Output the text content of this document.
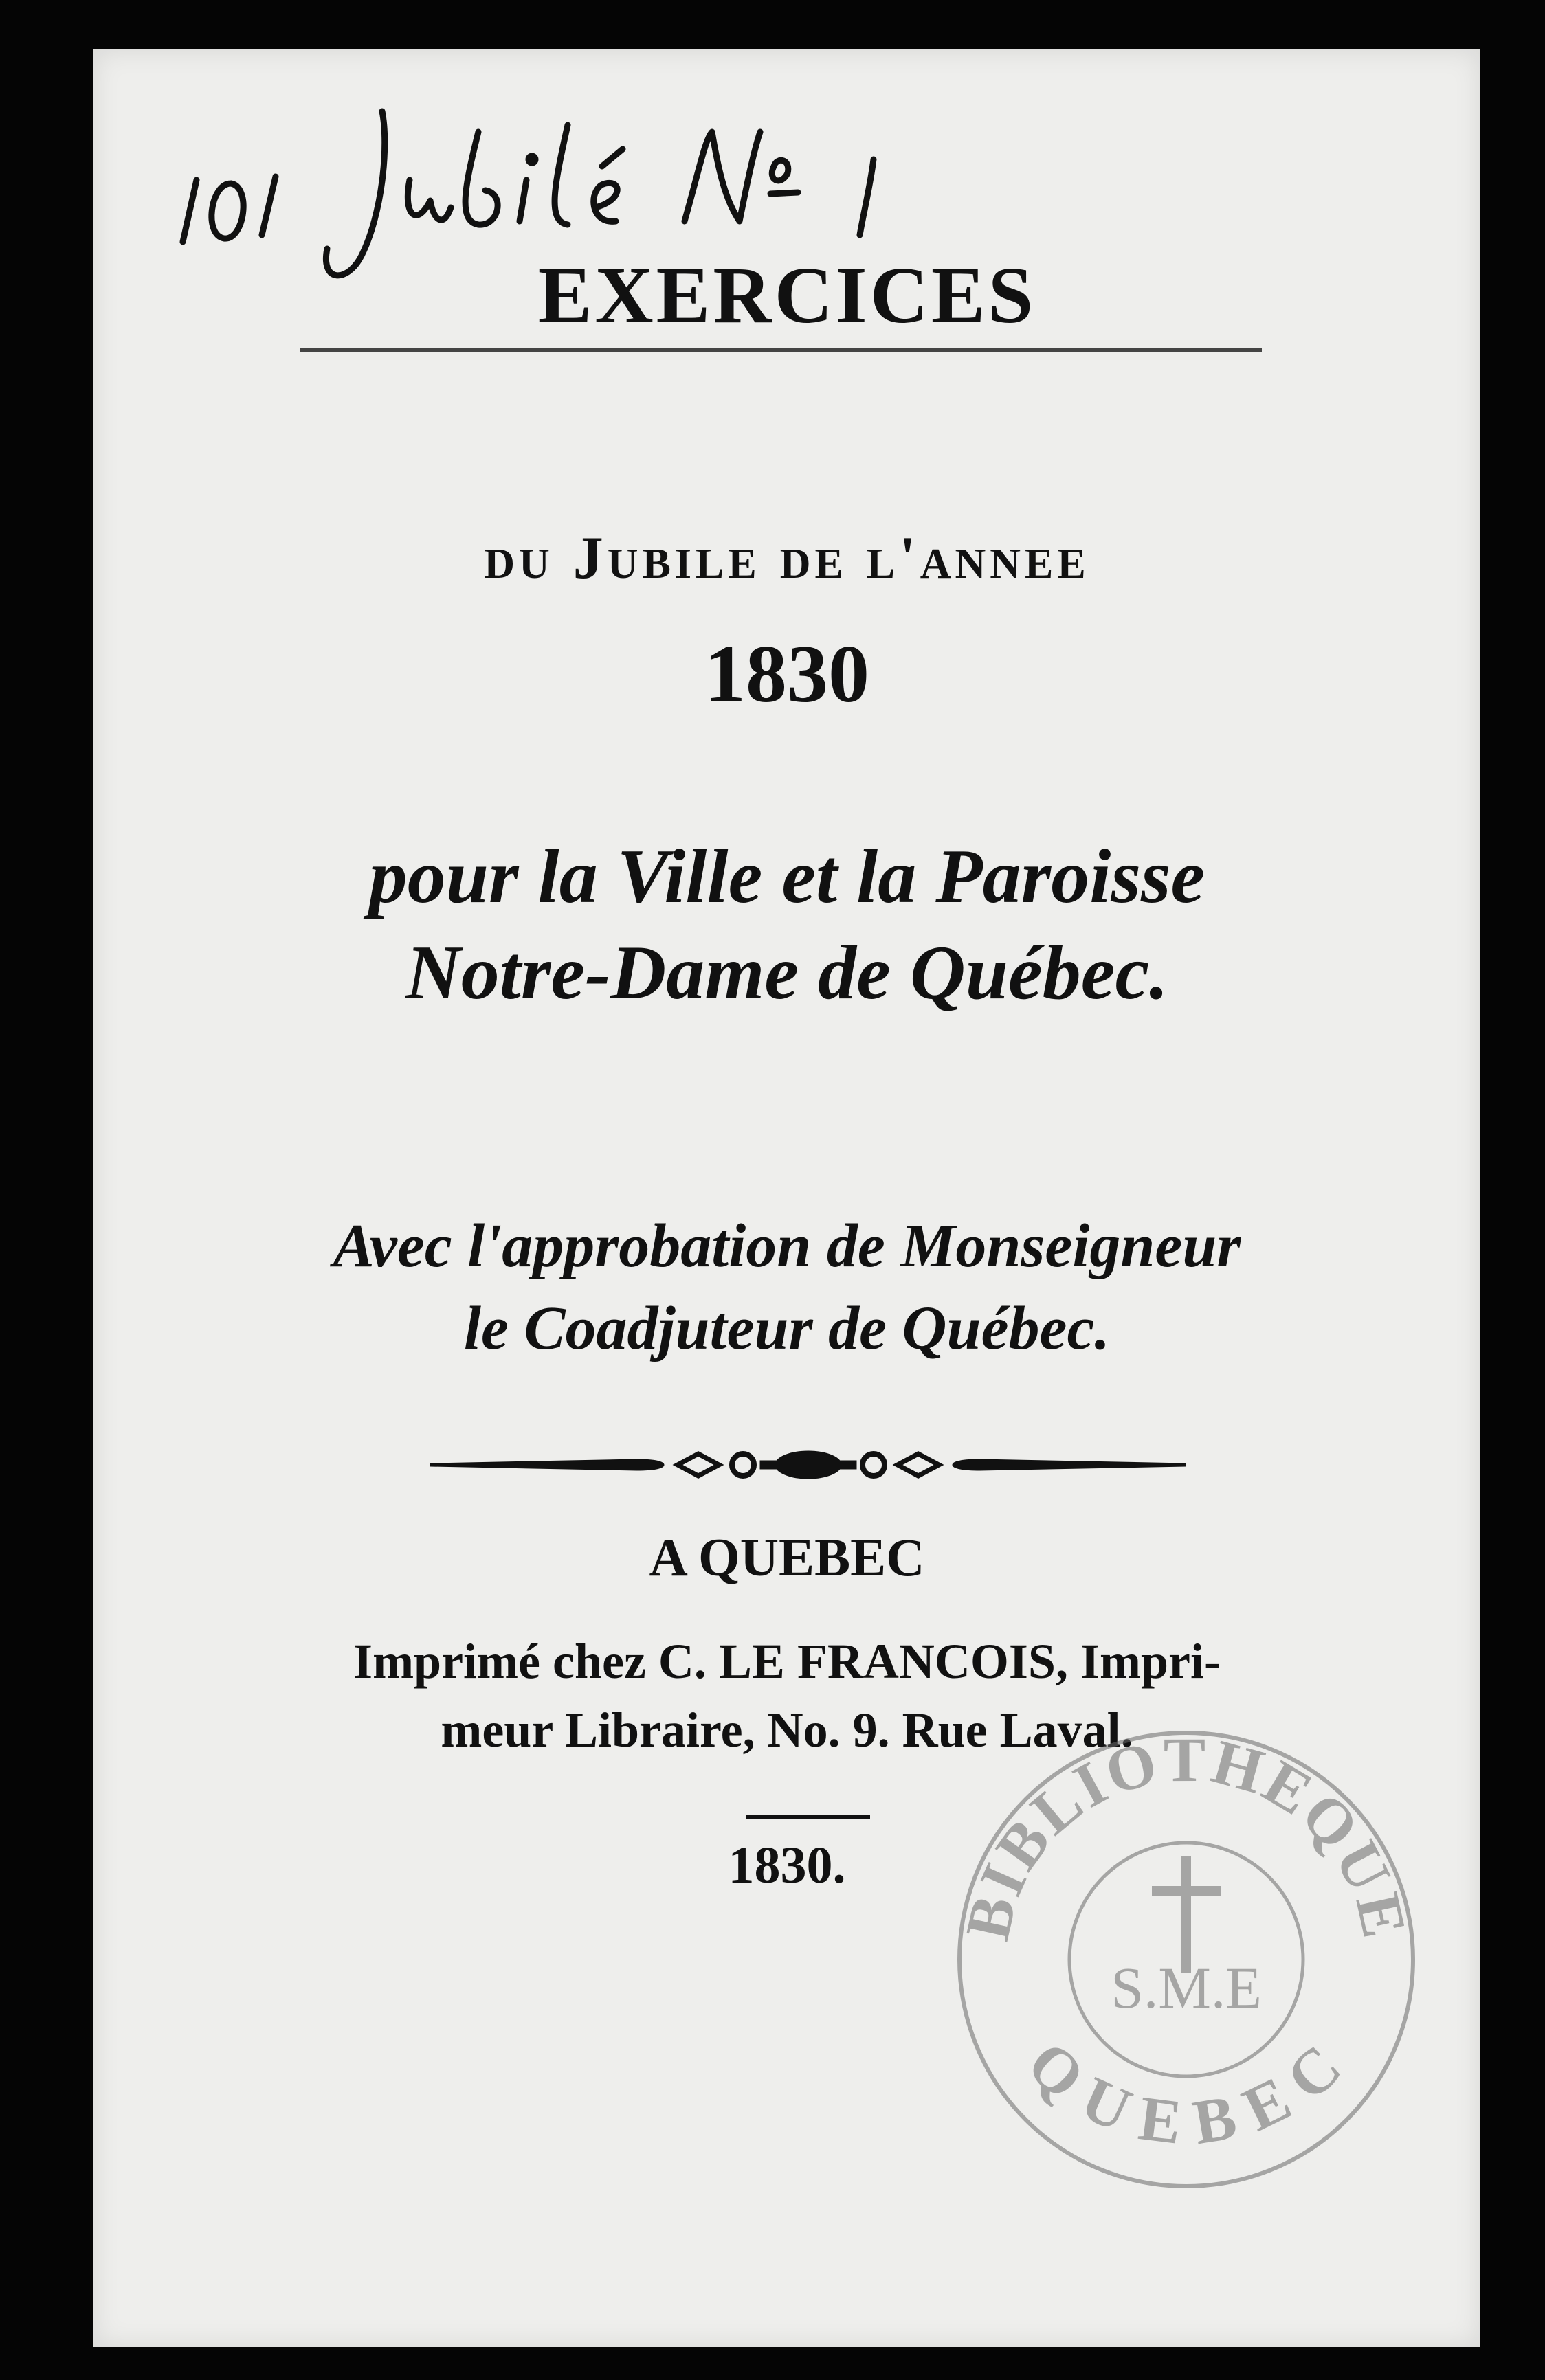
EXERCICES

du Jubile de l'annee

1830

pour la Ville et la Paroisse

Notre-Dame de Québec.

Avec l'approbation de Monseigneur

le Coadjuteur de Québec.

A QUEBEC

Imprimé chez C. LE FRANCOIS, Impri-

meur Libraire, No. 9. Rue Laval.

1830.

BIBLIOTHEQUE
QUEBEC
S.M.E
